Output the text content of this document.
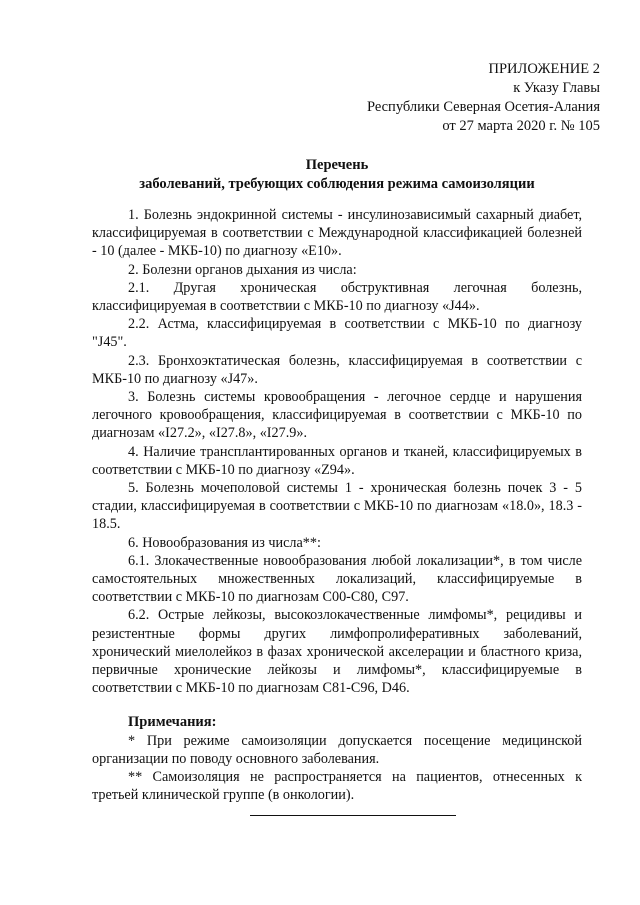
ПРИЛОЖЕНИЕ 2
к Указу Главы
Республики Северная Осетия-Алания
от 27 марта 2020 г. № 105
Перечень
заболеваний, требующих соблюдения режима самоизоляции

1. Болезнь эндокринной системы - инсулинозависимый сахарный диабет, классифицируемая в соответствии с Международной классификацией болезней - 10 (далее - МКБ-10) по диагнозу «Е10».

2. Болезни органов дыхания из числа:

2.1. Другая хроническая обструктивная легочная болезнь, классифицируемая в соответствии с МКБ-10 по диагнозу «J44».

2.2. Астма, классифицируемая в соответствии с МКБ-10 по диагнозу "J45".

2.3. Бронхоэктатическая болезнь, классифицируемая в соответствии с МКБ-10 по диагнозу «J47».

3. Болезнь системы кровообращения - легочное сердце и нарушения легочного кровообращения, классифицируемая в соответствии с МКБ-10 по диагнозам «I27.2», «I27.8», «I27.9».

4. Наличие трансплантированных органов и тканей, классифицируемых в соответствии с МКБ-10 по диагнозу «Z94».

5. Болезнь мочеполовой системы 1 - хроническая болезнь почек 3 - 5 стадии, классифицируемая в соответствии с МКБ-10 по диагнозам «18.0», 18.3 - 18.5.

6. Новообразования из числа**:

6.1. Злокачественные новообразования любой локализации*, в том числе самостоятельных множественных локализаций, классифицируемые в соответствии с МКБ-10 по диагнозам С00-С80, С97.

6.2. Острые лейкозы, высокозлокачественные лимфомы*, рецидивы и резистентные формы других лимфопролиферативных заболеваний, хронический миелолейкоз в фазах хронической акселерации и бластного криза, первичные хронические лейкозы и лимфомы*, классифицируемые в соответствии с МКБ-10 по диагнозам С81-С96, D46.

Примечания:

* При режиме самоизоляции допускается посещение медицинской организации по поводу основного заболевания.

** Самоизоляция не распространяется на пациентов, отнесенных к третьей клинической группе (в онкологии).
